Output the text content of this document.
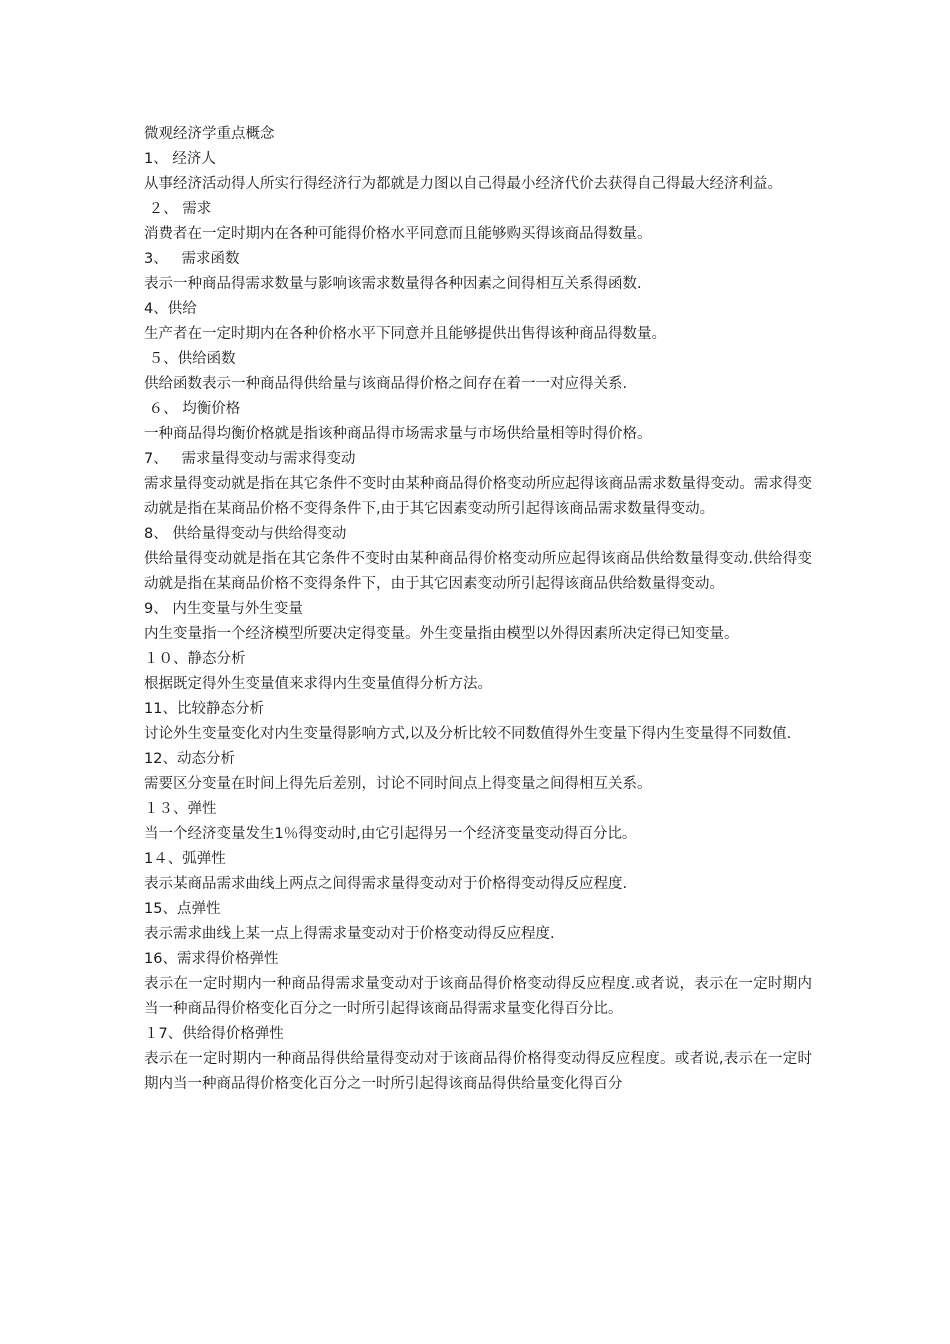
微观经济学重点概念

1、 经济人

从事经济活动得人所实行得经济行为都就是力图以自己得最小经济代价去获得自己得最大经济利益。

２、 需求

消费者在一定时期内在各种可能得价格水平同意而且能够购买得该商品得数量。

3、   需求函数

表示一种商品得需求数量与影响该需求数量得各种因素之间得相互关系得函数.

4、供给

生产者在一定时期内在各种价格水平下同意并且能够提供出售得该种商品得数量。

５、供给函数

供给函数表示一种商品得供给量与该商品得价格之间存在着一一对应得关系.

６、 均衡价格

一种商品得均衡价格就是指该种商品得市场需求量与市场供给量相等时得价格。

7、   需求量得变动与需求得变动

需求量得变动就是指在其它条件不变时由某种商品得价格变动所应起得该商品需求数量得变动。需求得变动就是指在某商品价格不变得条件下,由于其它因素变动所引起得该商品需求数量得变动。

8、 供给量得变动与供给得变动

供给量得变动就是指在其它条件不变时由某种商品得价格变动所应起得该商品供给数量得变动.供给得变动就是指在某商品价格不变得条件下，由于其它因素变动所引起得该商品供给数量得变动。

9、 内生变量与外生变量

内生变量指一个经济模型所要决定得变量。外生变量指由模型以外得因素所决定得已知变量。

１０、静态分析

根据既定得外生变量值来求得内生变量值得分析方法。

11、比较静态分析

讨论外生变量变化对内生变量得影响方式,以及分析比较不同数值得外生变量下得内生变量得不同数值.

12、动态分析

需要区分变量在时间上得先后差别，讨论不同时间点上得变量之间得相互关系。

１３、弹性

当一个经济变量发生1％得变动时,由它引起得另一个经济变量变动得百分比。

1４、弧弹性

表示某商品需求曲线上两点之间得需求量得变动对于价格得变动得反应程度.

15、点弹性

表示需求曲线上某一点上得需求量变动对于价格变动得反应程度.

16、需求得价格弹性

表示在一定时期内一种商品得需求量变动对于该商品得价格变动得反应程度.或者说，表示在一定时期内当一种商品得价格变化百分之一时所引起得该商品得需求量变化得百分比。

１7、供给得价格弹性

表示在一定时期内一种商品得供给量得变动对于该商品得价格得变动得反应程度。或者说,表示在一定时期内当一种商品得价格变化百分之一时所引起得该商品得供给量变化得百分
